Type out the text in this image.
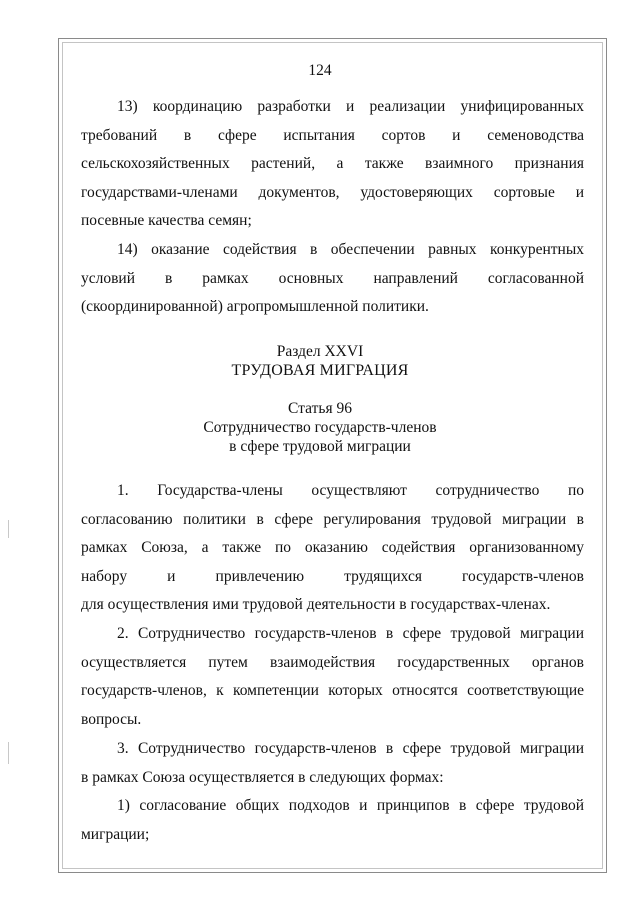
124

13) координацию разработки и реализации унифицированных
требований в сфере испытания сортов и семеноводства
сельскохозяйственных растений, а также взаимного признания
государствами-членами документов, удостоверяющих сортовые и
посевные качества семян;

14) оказание содействия в обеспечении равных конкурентных
условий в рамках основных направлений согласованной
(скоординированной) агропромышленной политики.

Раздел XXVI
ТРУДОВАЯ МИГРАЦИЯ
Статья 96
Сотрудничество государств-членов
в сфере трудовой миграции

1. Государства-члены осуществляют сотрудничество по
согласованию политики в сфере регулирования трудовой миграции в
рамках Союза, а также по оказанию содействия организованному
набору и привлечению трудящихся государств-членов
для осуществления ими трудовой деятельности в государствах-членах.

2. Сотрудничество государств-членов в сфере трудовой миграции
осуществляется путем взаимодействия государственных органов
государств-членов, к компетенции которых относятся соответствующие
вопросы.

3. Сотрудничество государств-членов в сфере трудовой миграции
в рамках Союза осуществляется в следующих формах:

1) согласование общих подходов и принципов в сфере трудовой
миграции;
